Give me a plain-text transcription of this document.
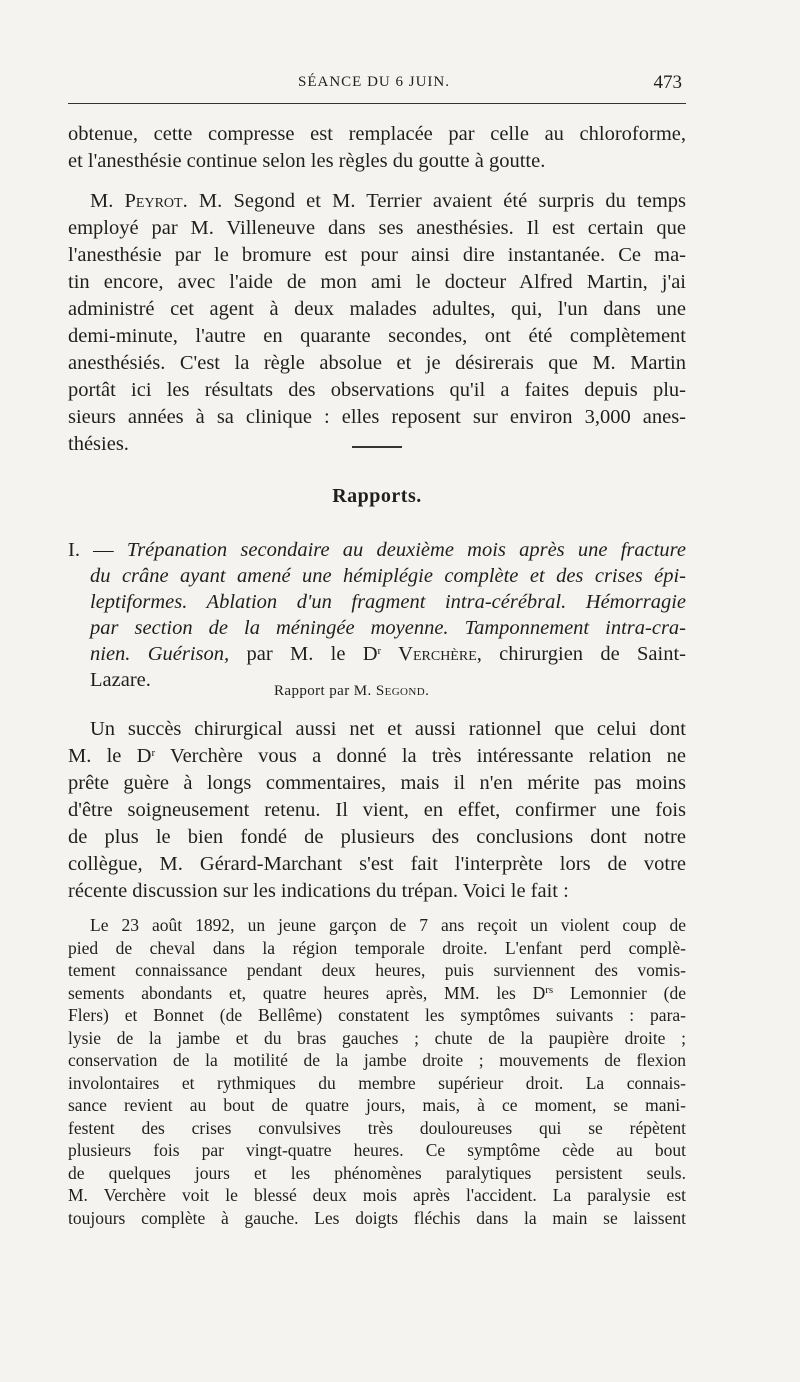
SÉANCE DU 6 JUIN.	473
obtenue, cette compresse est remplacée par celle au chloroforme,
et l'anesthésie continue selon les règles du goutte à goutte.
M. Peyrot. M. Segond et M. Terrier avaient été surpris du temps
employé par M. Villeneuve dans ses anesthésies. Il est certain que
l'anesthésie par le bromure est pour ainsi dire instantanée. Ce ma-
tin encore, avec l'aide de mon ami le docteur Alfred Martin, j'ai
administré cet agent à deux malades adultes, qui, l'un dans une
demi-minute, l'autre en quarante secondes, ont été complètement
anesthésiés. C'est la règle absolue et je désirerais que M. Martin
portât ici les résultats des observations qu'il a faites depuis plu-
sieurs années à sa clinique : elles reposent sur environ 3,000 anes-
thésies.
Rapports.
I. — Trépanation secondaire au deuxième mois après une fracture
du crâne ayant amené une hémiplégie complète et des crises épi-
leptiformes. Ablation d'un fragment intra-cérébral. Hémorragie
par section de la méningée moyenne. Tamponnement intra-cra-
nien. Guérison, par M. le $D^r$ Verchère, chirurgien de Saint-
Lazare.	Rapport par M. Segond.
Un succès chirurgical aussi net et aussi rationnel que celui dont
M. le $D^r$ Verchère vous a donné la très intéressante relation ne
prête guère à longs commentaires, mais il n'en mérite pas moins
d'être soigneusement retenu. Il vient, en effet, confirmer une fois
de plus le bien fondé de plusieurs des conclusions dont notre
collègue, M. Gérard-Marchant s'est fait l'interprète lors de votre
récente discussion sur les indications du trépan. Voici le fait :
Le 23 août 1892, un jeune garçon de 7 ans reçoit un violent coup de
pied de cheval dans la région temporale droite. L'enfant perd complè-
tement connaissance pendant deux heures, puis surviennent des vomis-
sements abondants et, quatre heures après, MM. les $D^{rs}$ Lemonnier (de
Flers) et Bonnet (de Bellême) constatent les symptômes suivants : para-
lysie de la jambe et du bras gauches ; chute de la paupière droite ;
conservation de la motilité de la jambe droite ; mouvements de flexion
involontaires et rythmiques du membre supérieur droit. La connais-
sance revient au bout de quatre jours, mais, à ce moment, se mani-
festent des crises convulsives très douloureuses qui se répètent
plusieurs fois par vingt-quatre heures. Ce symptôme cède au bout
de quelques jours et les phénomènes paralytiques persistent seuls.
M. Verchère voit le blessé deux mois après l'accident. La paralysie est
toujours complète à gauche. Les doigts fléchis dans la main se laissent
